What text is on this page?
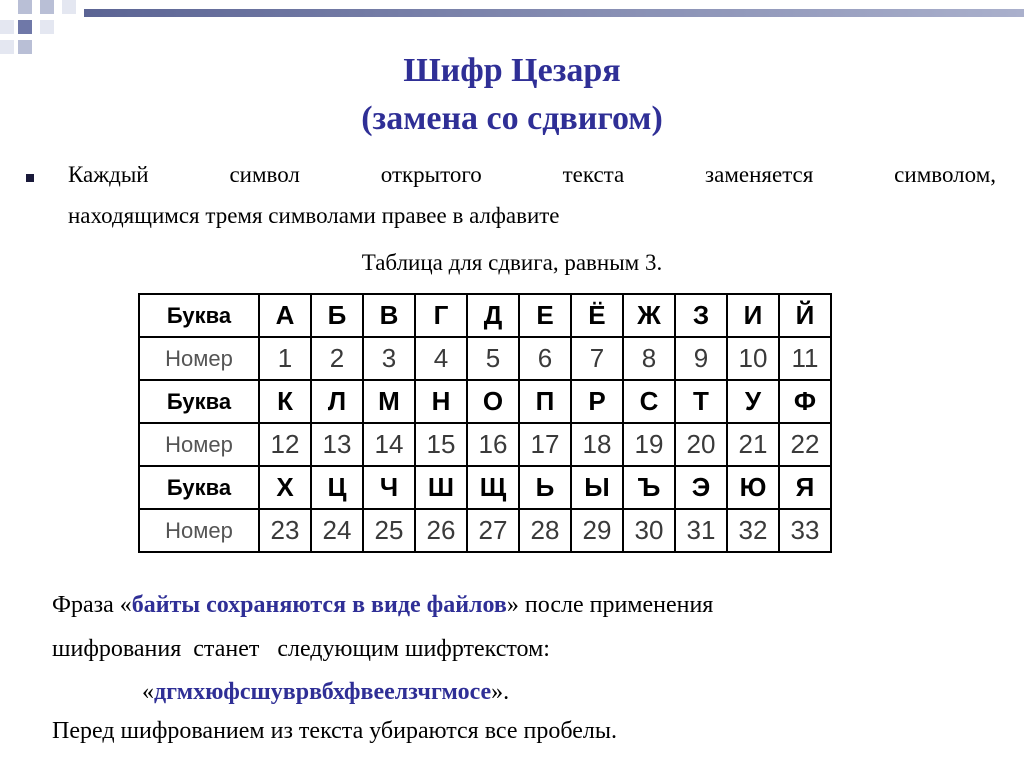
Шифр Цезаря
(замена со сдвигом)
Каждый символ открытого текста заменяется символом,
находящимся тремя символами правее в алфавите
Таблица для сдвига, равным 3.
Буква	А	Б	В	Г	Д	Е	Ё	Ж	З	И	Й
Номер	1	2	3	4	5	6	7	8	9	10	11
Буква	К	Л	М	Н	О	П	Р	С	Т	У	Ф
Номер	12	13	14	15	16	17	18	19	20	21	22
Буква	Х	Ц	Ч	Ш	Щ	Ь	Ы	Ъ	Э	Ю	Я
Номер	23	24	25	26	27	28	29	30	31	32	33
Фраза «байты сохраняются в виде файлов» после применения
шифрования  станет   следующим шифртекстом:
«дгмхюфсшуврвбхфвеелзчгмосе».
Перед шифрованием из текста убираются все пробелы.
